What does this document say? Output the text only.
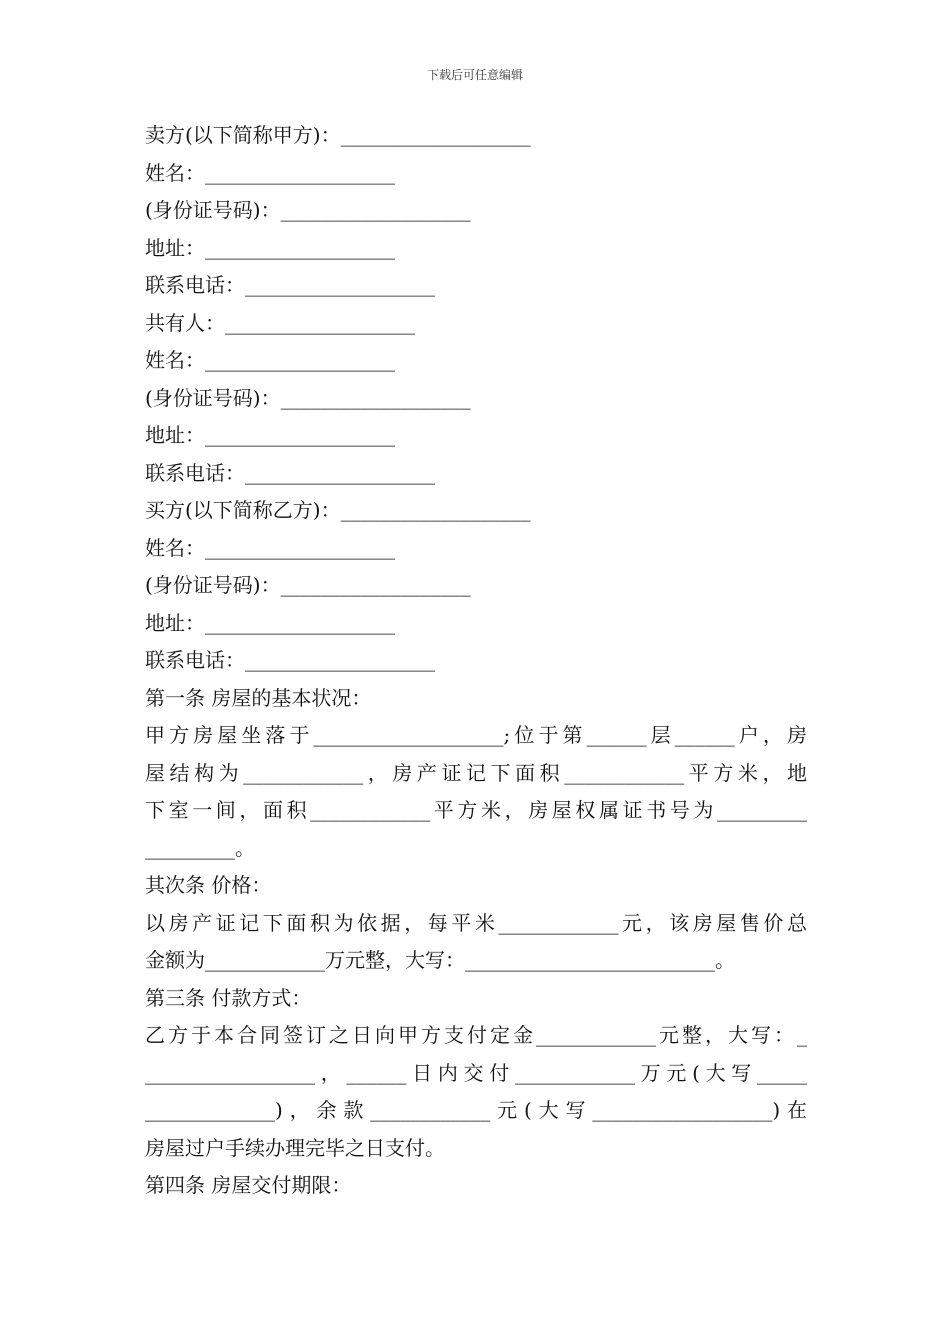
下载后可任意编辑
卖方(以下简称甲方)：___________________
姓名：___________________
(身份证号码)：___________________
地址：___________________
联系电话：___________________
共有人：___________________
姓名：___________________
(身份证号码)：___________________
地址：___________________
联系电话：___________________
买方(以下简称乙方)：___________________
姓名：___________________
(身份证号码)：___________________
地址：___________________
联系电话：___________________
第一条 房屋的基本状况：
甲方房屋坐落于___________________;位于第______层______户，房
屋结构为____________，房产证记下面积____________平方米，地
下室一间，面积____________平方米，房屋权属证书号为_________
_________。
其次条 价格：
以房产证记下面积为依据，每平米____________元，该房屋售价总
金额为____________万元整，大写：_________________________。
第三条 付款方式：
乙方于本合同签订之日向甲方支付定金____________元整，大写：_
_________________，______日内交付____________万元(大写_____
_____________)，余款____________元(大写__________________)在
房屋过户手续办理完毕之日支付。
第四条 房屋交付期限：
